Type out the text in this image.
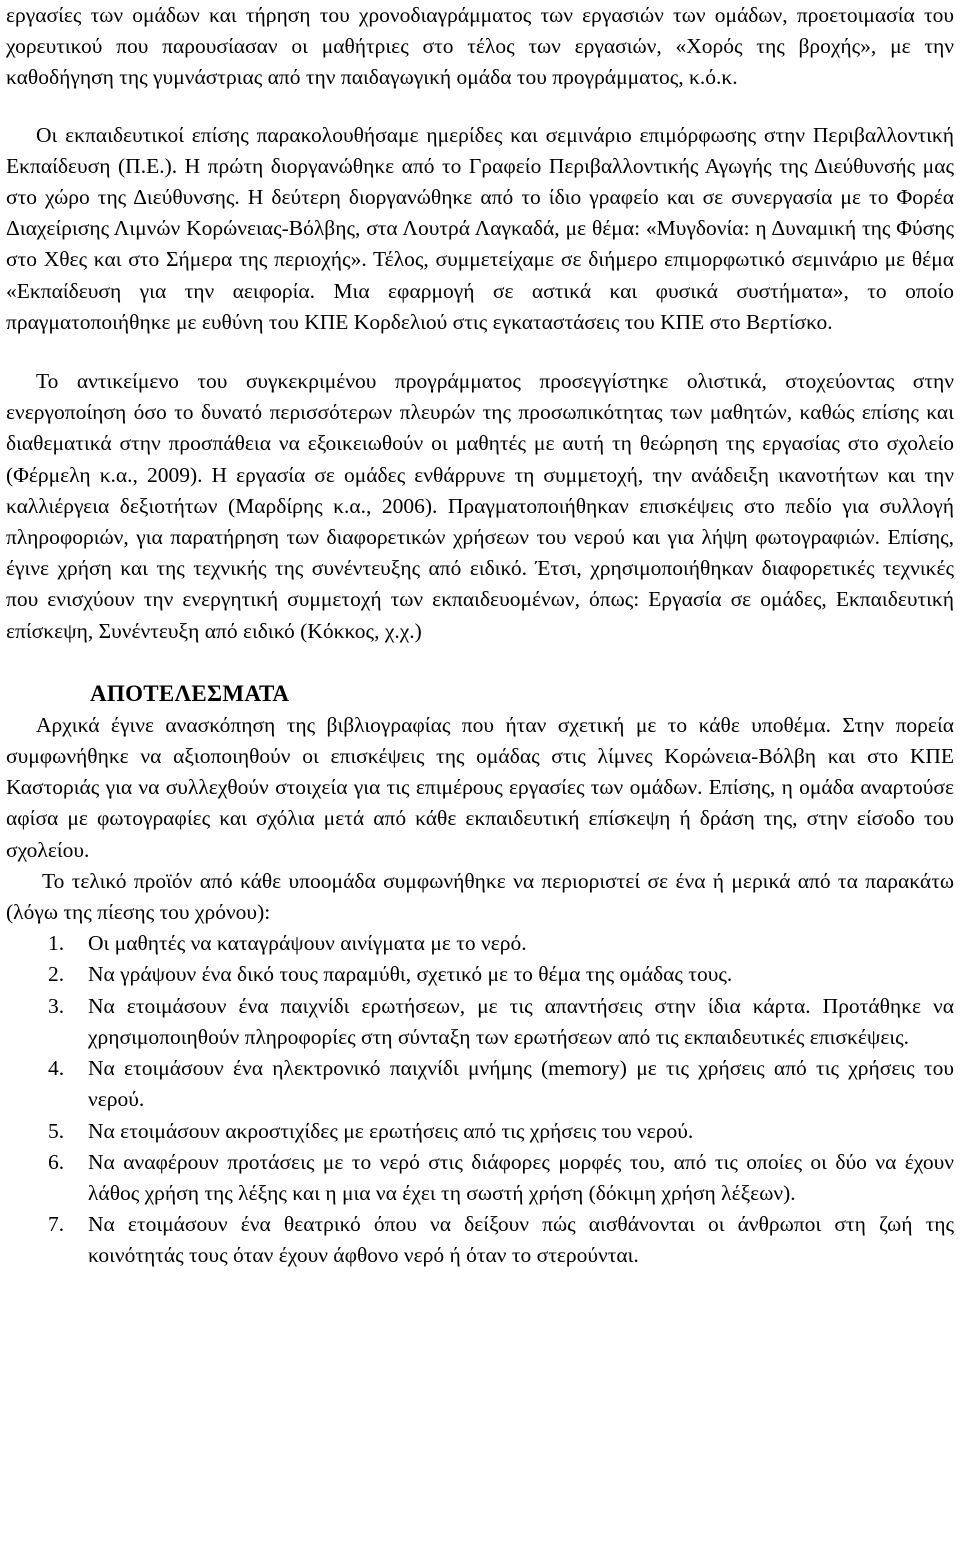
εργασίες των ομάδων και τήρηση του χρονοδιαγράμματος των εργασιών των ομάδων, προετοιμασία του χορευτικού που παρουσίασαν οι μαθήτριες στο τέλος των εργασιών, «Χορός της βροχής», με την καθοδήγηση της γυμνάστριας από την παιδαγωγική ομάδα του προγράμματος, κ.ό.κ.

Οι εκπαιδευτικοί επίσης παρακολουθήσαμε ημερίδες και σεμινάριο επιμόρφωσης στην Περιβαλλοντική Εκπαίδευση (Π.Ε.). Η πρώτη διοργανώθηκε από το Γραφείο Περιβαλλοντικής Αγωγής της Διεύθυνσής μας στο χώρο της Διεύθυνσης. Η δεύτερη διοργανώθηκε από το ίδιο γραφείο και σε συνεργασία με το Φορέα Διαχείρισης Λιμνών Κορώνειας-Βόλβης, στα Λουτρά Λαγκαδά, με θέμα: «Μυγδονία: η Δυναμική της Φύσης στο Χθες και στο Σήμερα της περιοχής». Τέλος, συμμετείχαμε σε διήμερο επιμορφωτικό σεμινάριο με θέμα «Εκπαίδευση για την αειφορία. Μια εφαρμογή σε αστικά και φυσικά συστήματα», το οποίο πραγματοποιήθηκε με ευθύνη του ΚΠΕ Κορδελιού στις εγκαταστάσεις του ΚΠΕ στο Βερτίσκο.

Το αντικείμενο του συγκεκριμένου προγράμματος προσεγγίστηκε ολιστικά, στοχεύοντας στην ενεργοποίηση όσο το δυνατό περισσότερων πλευρών της προσωπικότητας των μαθητών, καθώς επίσης και διαθεματικά στην προσπάθεια να εξοικειωθούν οι μαθητές με αυτή τη θεώρηση της εργασίας στο σχολείο (Φέρμελη κ.α., 2009). Η εργασία σε ομάδες ενθάρρυνε τη συμμετοχή, την ανάδειξη ικανοτήτων και την καλλιέργεια δεξιοτήτων (Μαρδίρης κ.α., 2006). Πραγματοποιήθηκαν επισκέψεις στο πεδίο για συλλογή πληροφοριών, για παρατήρηση των διαφορετικών χρήσεων του νερού και για λήψη φωτογραφιών. Επίσης, έγινε χρήση και της τεχνικής της συνέντευξης από ειδικό. Έτσι, χρησιμοποιήθηκαν διαφορετικές τεχνικές που ενισχύουν την ενεργητική συμμετοχή των εκπαιδευομένων, όπως: Εργασία σε ομάδες, Εκπαιδευτική επίσκεψη, Συνέντευξη από ειδικό (Κόκκος, χ.χ.)

ΑΠΟΤΕΛΕΣΜΑΤΑ

Αρχικά έγινε ανασκόπηση της βιβλιογραφίας που ήταν σχετική με το κάθε υποθέμα. Στην πορεία συμφωνήθηκε να αξιοποιηθούν οι επισκέψεις της ομάδας στις λίμνες Κορώνεια-Βόλβη και στο ΚΠΕ Καστοριάς για να συλλεχθούν στοιχεία για τις επιμέρους εργασίες των ομάδων. Επίσης, η ομάδα αναρτούσε αφίσα με φωτογραφίες και σχόλια μετά από κάθε εκπαιδευτική επίσκεψη ή δράση της, στην είσοδο του σχολείου.

Το τελικό προϊόν από κάθε υποομάδα συμφωνήθηκε να περιοριστεί σε ένα ή μερικά από τα παρακάτω (λόγω της πίεσης του χρόνου):

1.	Οι μαθητές να καταγράψουν αινίγματα με το νερό.
2.	Να γράψουν ένα δικό τους παραμύθι, σχετικό με το θέμα της ομάδας τους.
3.	Να ετοιμάσουν ένα παιχνίδι ερωτήσεων, με τις απαντήσεις στην ίδια κάρτα. Προτάθηκε να χρησιμοποιηθούν πληροφορίες στη σύνταξη των ερωτήσεων από τις εκπαιδευτικές επισκέψεις.
4.	Να ετοιμάσουν ένα ηλεκτρονικό παιχνίδι μνήμης (memory) με τις χρήσεις από τις χρήσεις του νερού.
5.	Να ετοιμάσουν ακροστιχίδες με ερωτήσεις από τις χρήσεις του νερού.
6.	Να αναφέρουν προτάσεις με το νερό στις διάφορες μορφές του, από τις οποίες οι δύο να έχουν λάθος χρήση της λέξης και η μια να έχει τη σωστή χρήση (δόκιμη χρήση λέξεων).
7.	Να ετοιμάσουν ένα θεατρικό όπου να δείξουν πώς αισθάνονται οι άνθρωποι στη ζωή της κοινότητάς τους όταν έχουν άφθονο νερό ή όταν το στερούνται.
